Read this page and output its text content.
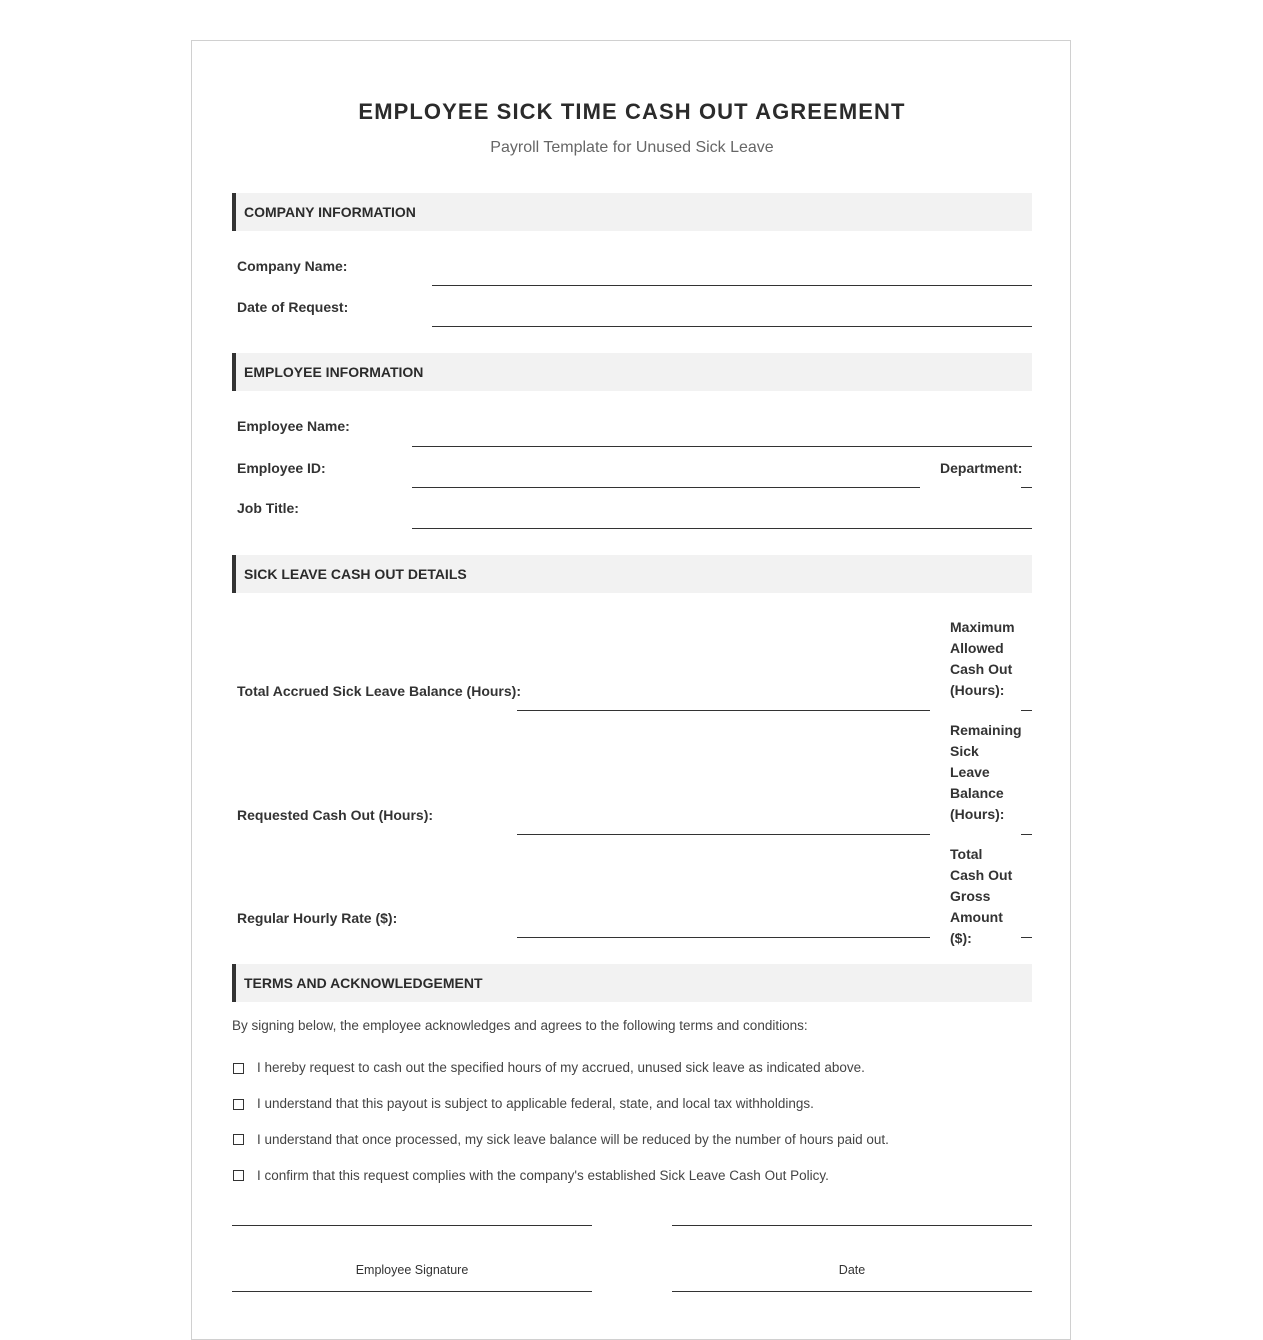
EMPLOYEE SICK TIME CASH OUT AGREEMENT
Payroll Template for Unused Sick Leave
COMPANY INFORMATION
Company Name:
Date of Request:
EMPLOYEE INFORMATION
Employee Name:
Employee ID:	Department:
Job Title:
SICK LEAVE CASH OUT DETAILS
Total Accrued Sick Leave Balance (Hours):
Maximum Allowed Cash Out (Hours):
Requested Cash Out (Hours):
Remaining Sick Leave Balance (Hours):
Regular Hourly Rate ($):
Total Cash Out Gross Amount ($):
TERMS AND ACKNOWLEDGEMENT
By signing below, the employee acknowledges and agrees to the following terms and conditions:
I hereby request to cash out the specified hours of my accrued, unused sick leave as indicated above.
I understand that this payout is subject to applicable federal, state, and local tax withholdings.
I understand that once processed, my sick leave balance will be reduced by the number of hours paid out.
I confirm that this request complies with the company's established Sick Leave Cash Out Policy.
Employee Signature	Date
